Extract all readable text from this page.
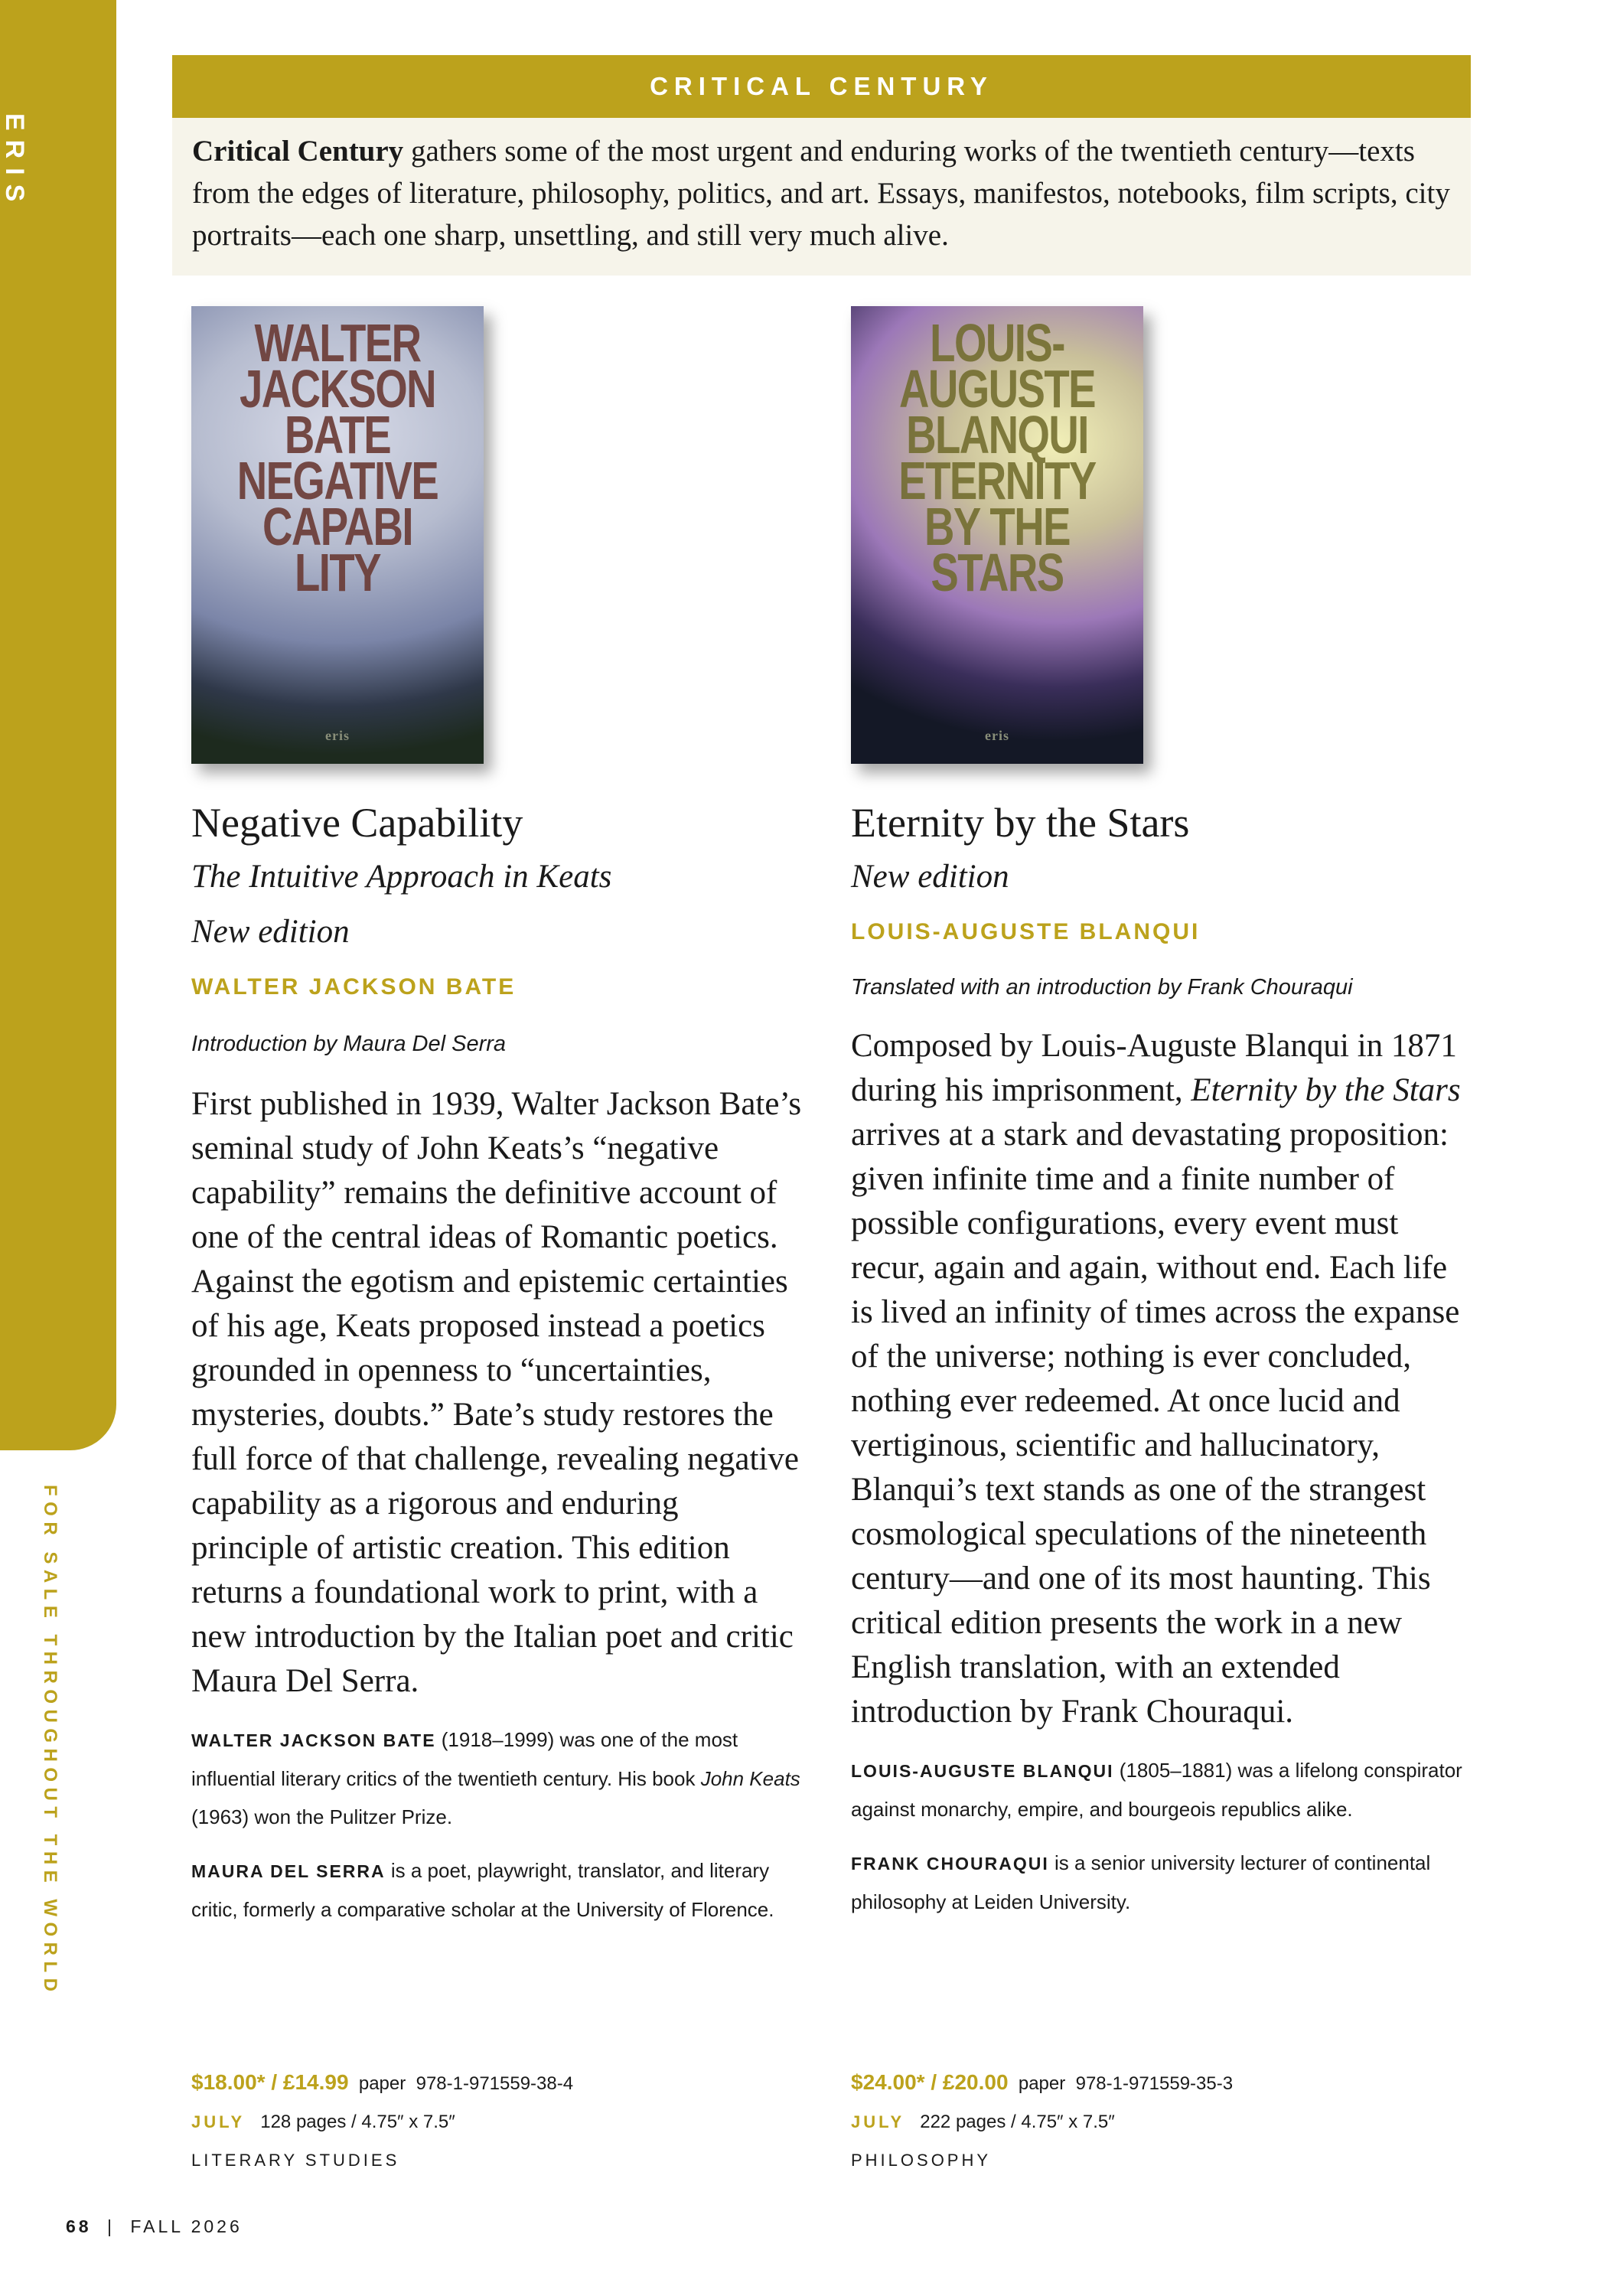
ERIS
FOR SALE THROUGHOUT THE WORLD
CRITICAL CENTURY
Critical Century gathers some of the most urgent and enduring works of the twentieth century—texts from the edges of literature, philosophy, politics, and art. Essays, manifestos, notebooks, film scripts, city portraits—each one sharp, unsettling, and still very much alive.
WALTER
JACKSON
BATE
NEGATIVE
CAPABI
LITY
eris
LOUIS-
AUGUSTE
BLANQUI
ETERNITY
BY THE
STARS
eris

Negative Capability

The Intuitive Approach in Keats

New edition

WALTER JACKSON BATE

Introduction by Maura Del Serra

First published in 1939, Walter Jackson Bate’s seminal study of John Keats’s “negative capability” remains the definitive account of one of the central ideas of Romantic poetics. Against the egotism and epistemic certainties of his age, Keats proposed instead a poetics grounded in openness to “uncertainties, mysteries, doubts.” Bate’s study restores the full force of that challenge, revealing negative capability as a rigorous and enduring principle of artistic creation. This edition returns a foundational work to print, with a new introduction by the Italian poet and critic Maura Del Serra.

WALTER JACKSON BATE (1918–1999) was one of the most influential literary critics of the twentieth century. His book John Keats (1963) won the Pulitzer Prize.

MAURA DEL SERRA is a poet, playwright, translator, and literary critic, formerly a comparative scholar at the University of Florence.

Eternity by the Stars

New edition

LOUIS-AUGUSTE BLANQUI

Translated with an introduction by Frank Chouraqui

Composed by Louis-Auguste Blanqui in 1871 during his imprisonment, Eternity by the Stars arrives at a stark and devastating proposition: given infinite time and a finite number of possible configurations, every event must recur, again and again, without end. Each life is lived an infinity of times across the expanse of the universe; nothing is ever concluded, nothing ever redeemed. At once lucid and vertiginous, scientific and hallucinatory, Blanqui’s text stands as one of the strangest cosmological speculations of the nineteenth century—and one of its most haunting. This critical edition presents the work in a new English translation, with an extended introduction by Frank Chouraqui.

LOUIS-AUGUSTE BLANQUI (1805–1881) was a lifelong conspirator against monarchy, empire, and bourgeois republics alike.

FRANK CHOURAQUI is a senior university lecturer of continental philosophy at Leiden University.

$18.00* / £14.99 paper 978-1-971559-38-4
JULY 128 pages / 4.75″ x 7.5″
LITERARY STUDIES
$24.00* / £20.00 paper 978-1-971559-35-3
JULY 222 pages / 4.75″ x 7.5″
PHILOSOPHY
68 | FALL 2026
